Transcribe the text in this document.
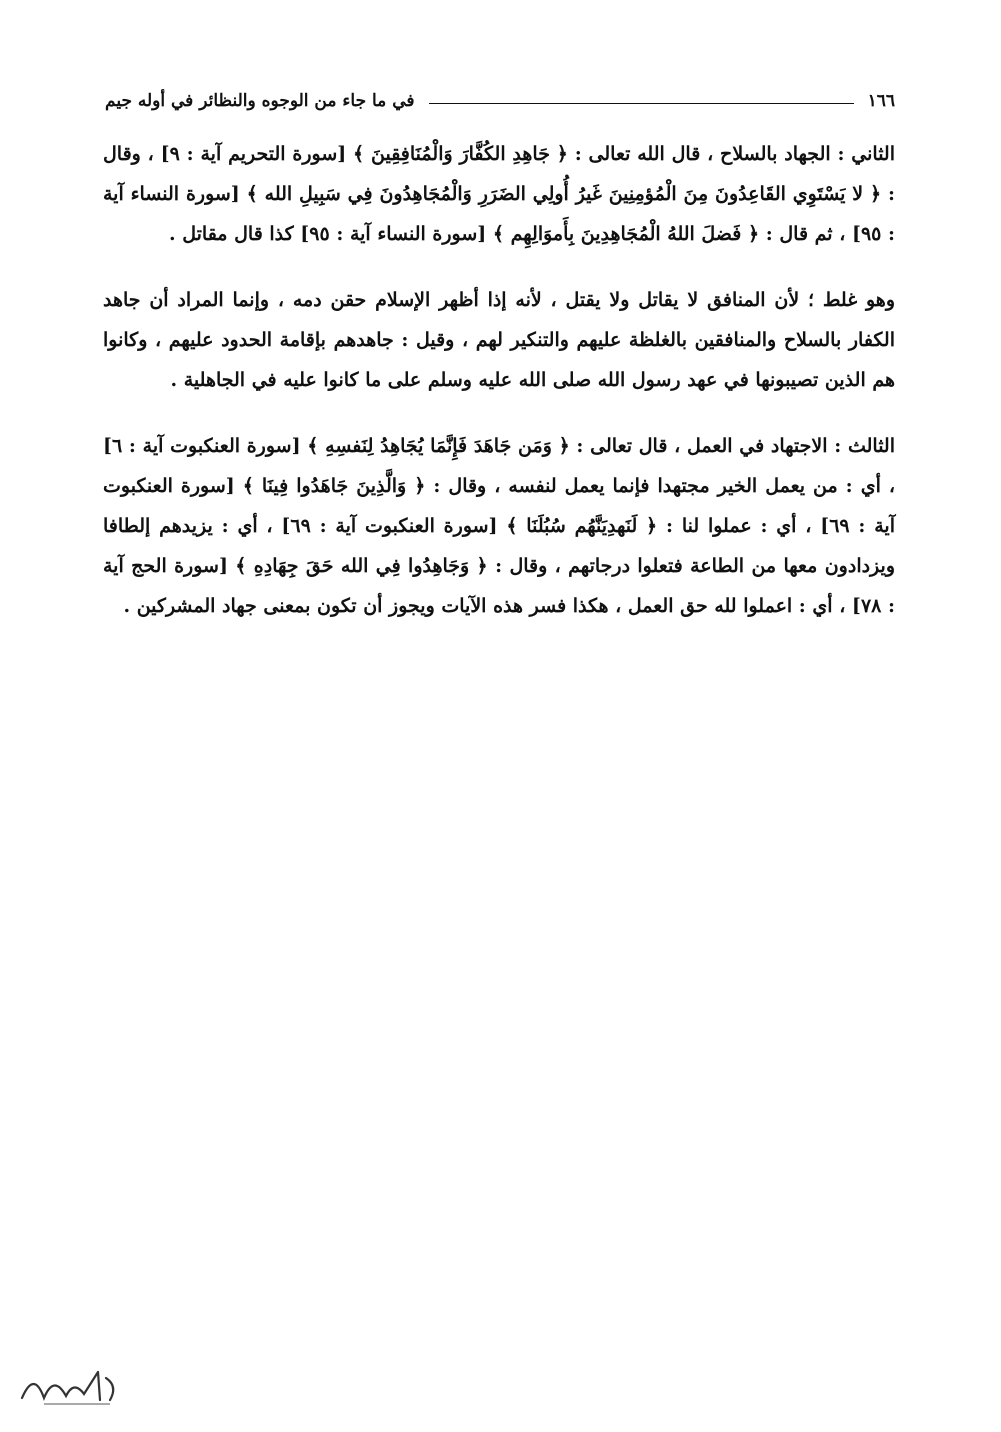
١٦٦
في ما جاء من الوجوه والنظائر في أوله جيم

الثاني : الجهاد بالسلاح ، قال الله تعالى : ﴿ جَاهِدِ الكُفَّارَ وَالْمُنَافِقِينَ ﴾ [سورة التحريم آية : ٩] ، وقال : ﴿ لا يَسْتَوِي القَاعِدُونَ مِنَ الْمُؤمِنِينَ غَيرُ أُولِي الضَرَرِ وَالْمُجَاهِدُونَ فِي سَبِيلِ الله ﴾ [سورة النساء آية : ٩٥] ، ثم قال : ﴿ فَضلَ اللهُ الْمُجَاهِدِينَ بِأَموَالِهِم ﴾ [سورة النساء آية : ٩٥] كذا قال مقاتل .

وهو غلط ؛ لأن المنافق لا يقاتل ولا يقتل ، لأنه إذا أظهر الإسلام حقن دمه ، وإنما المراد أن جاهد الكفار بالسلاح والمنافقين بالغلظة عليهم والتنكير لهم ، وقيل : جاهدهم بإقامة الحدود عليهم ، وكانوا هم الذين تصيبونها في عهد رسول الله صلى الله عليه وسلم على ما كانوا عليه في الجاهلية .

الثالث : الاجتهاد في العمل ، قال تعالى : ﴿ وَمَن جَاهَدَ فَإِنَّمَا يُجَاهِدُ لِنَفسِهِ ﴾ [سورة العنكبوت آية : ٦] ، أي : من يعمل الخير مجتهدا فإنما يعمل لنفسه ، وقال : ﴿ وَالَّذِينَ جَاهَدُوا فِينَا ﴾ [سورة العنكبوت آية : ٦٩] ، أي : عملوا لنا : ﴿ لَنَهدِيَنَّهُم سُبُلَنَا ﴾ [سورة العنكبوت آية : ٦٩] ، أي : يزيدهم إلطافا ويزدادون معها من الطاعة فتعلوا درجاتهم ، وقال : ﴿ وَجَاهِدُوا فِي الله حَقَ جِهَادِهِ ﴾ [سورة الحج آية : ٧٨] ، أي : اعملوا لله حق العمل ، هكذا فسر هذه الآيات ويجوز أن تكون بمعنى جهاد المشركين .
